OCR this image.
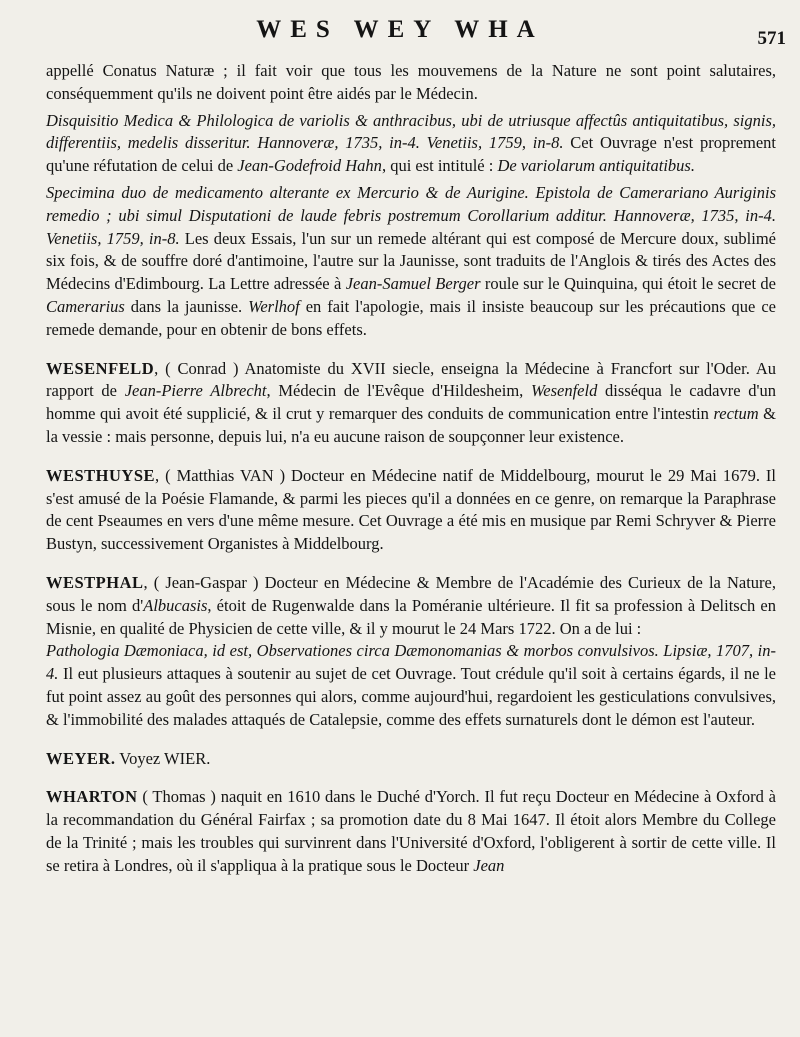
WES WEY WHA	571

appellé Conatus Naturæ ; il fait voir que tous les mouvemens de la Nature ne sont point salutaires, conséquemment qu'ils ne doivent point être aidés par le Médecin.

Disquisitio Medica & Philologica de variolis & anthracibus, ubi de utriusque affectûs antiquitatibus, signis, differentiis, medelis disseritur. Hannoveræ, 1735, in-4. Venetiis, 1759, in-8. Cet Ouvrage n'est proprement qu'une réfutation de celui de Jean-Godefroid Hahn, qui est intitulé : De variolarum antiquitatibus.

Specimina duo de medicamento alterante ex Mercurio & de Aurigine. Epistola de Camerariano Auriginis remedio ; ubi simul Disputationi de laude febris postremum Corollarium additur. Hannoveræ, 1735, in-4. Venetiis, 1759, in-8. Les deux Essais, l'un sur un remede altérant qui est composé de Mercure doux, sublimé six fois, & de souffre doré d'antimoine, l'autre sur la Jaunisse, sont traduits de l'Anglois & tirés des Actes des Médecins d'Edimbourg. La Lettre adressée à Jean-Samuel Berger roule sur le Quinquina, qui étoit le secret de Camerarius dans la jaunisse. Werlhof en fait l'apologie, mais il insiste beaucoup sur les précautions que ce remede demande, pour en obtenir de bons effets.

WESENFELD, ( Conrad ) Anatomiste du XVII siecle, enseigna la Médecine à Francfort sur l'Oder. Au rapport de Jean-Pierre Albrecht, Médecin de l'Evêque d'Hildesheim, Wesenfeld disséqua le cadavre d'un homme qui avoit été supplicié, & il crut y remarquer des conduits de communication entre l'intestin rectum & la vessie : mais personne, depuis lui, n'a eu aucune raison de soupçonner leur existence.

WESTHUYSE, ( Matthias VAN ) Docteur en Médecine natif de Middelbourg, mourut le 29 Mai 1679. Il s'est amusé de la Poésie Flamande, & parmi les pieces qu'il a données en ce genre, on remarque la Paraphrase de cent Pseaumes en vers d'une même mesure. Cet Ouvrage a été mis en musique par Remi Schryver & Pierre Bustyn, successivement Organistes à Middelbourg.

WESTPHAL, ( Jean-Gaspar ) Docteur en Médecine & Membre de l'Académie des Curieux de la Nature, sous le nom d'Albucasis, étoit de Rugenwalde dans la Poméranie ultérieure. Il fit sa profession à Delitsch en Misnie, en qualité de Physicien de cette ville, & il y mourut le 24 Mars 1722. On a de lui :

Pathologia Dæmoniaca, id est, Observationes circa Dæmonomanias & morbos convulsivos. Lipsiæ, 1707, in-4. Il eut plusieurs attaques à soutenir au sujet de cet Ouvrage. Tout crédule qu'il soit à certains égards, il ne le fut point assez au goût des personnes qui alors, comme aujourd'hui, regardoient les gesticulations convulsives, & l'immobilité des malades attaqués de Catalepsie, comme des effets surnaturels dont le démon est l'auteur.

WEYER. Voyez WIER.

WHARTON ( Thomas ) naquit en 1610 dans le Duché d'Yorch. Il fut reçu Docteur en Médecine à Oxford à la recommandation du Général Fairfax ; sa promotion date du 8 Mai 1647. Il étoit alors Membre du College de la Trinité ; mais les troubles qui survinrent dans l'Université d'Oxford, l'obligerent à sortir de cette ville. Il se retira à Londres, où il s'appliqua à la pratique sous le Docteur Jean
